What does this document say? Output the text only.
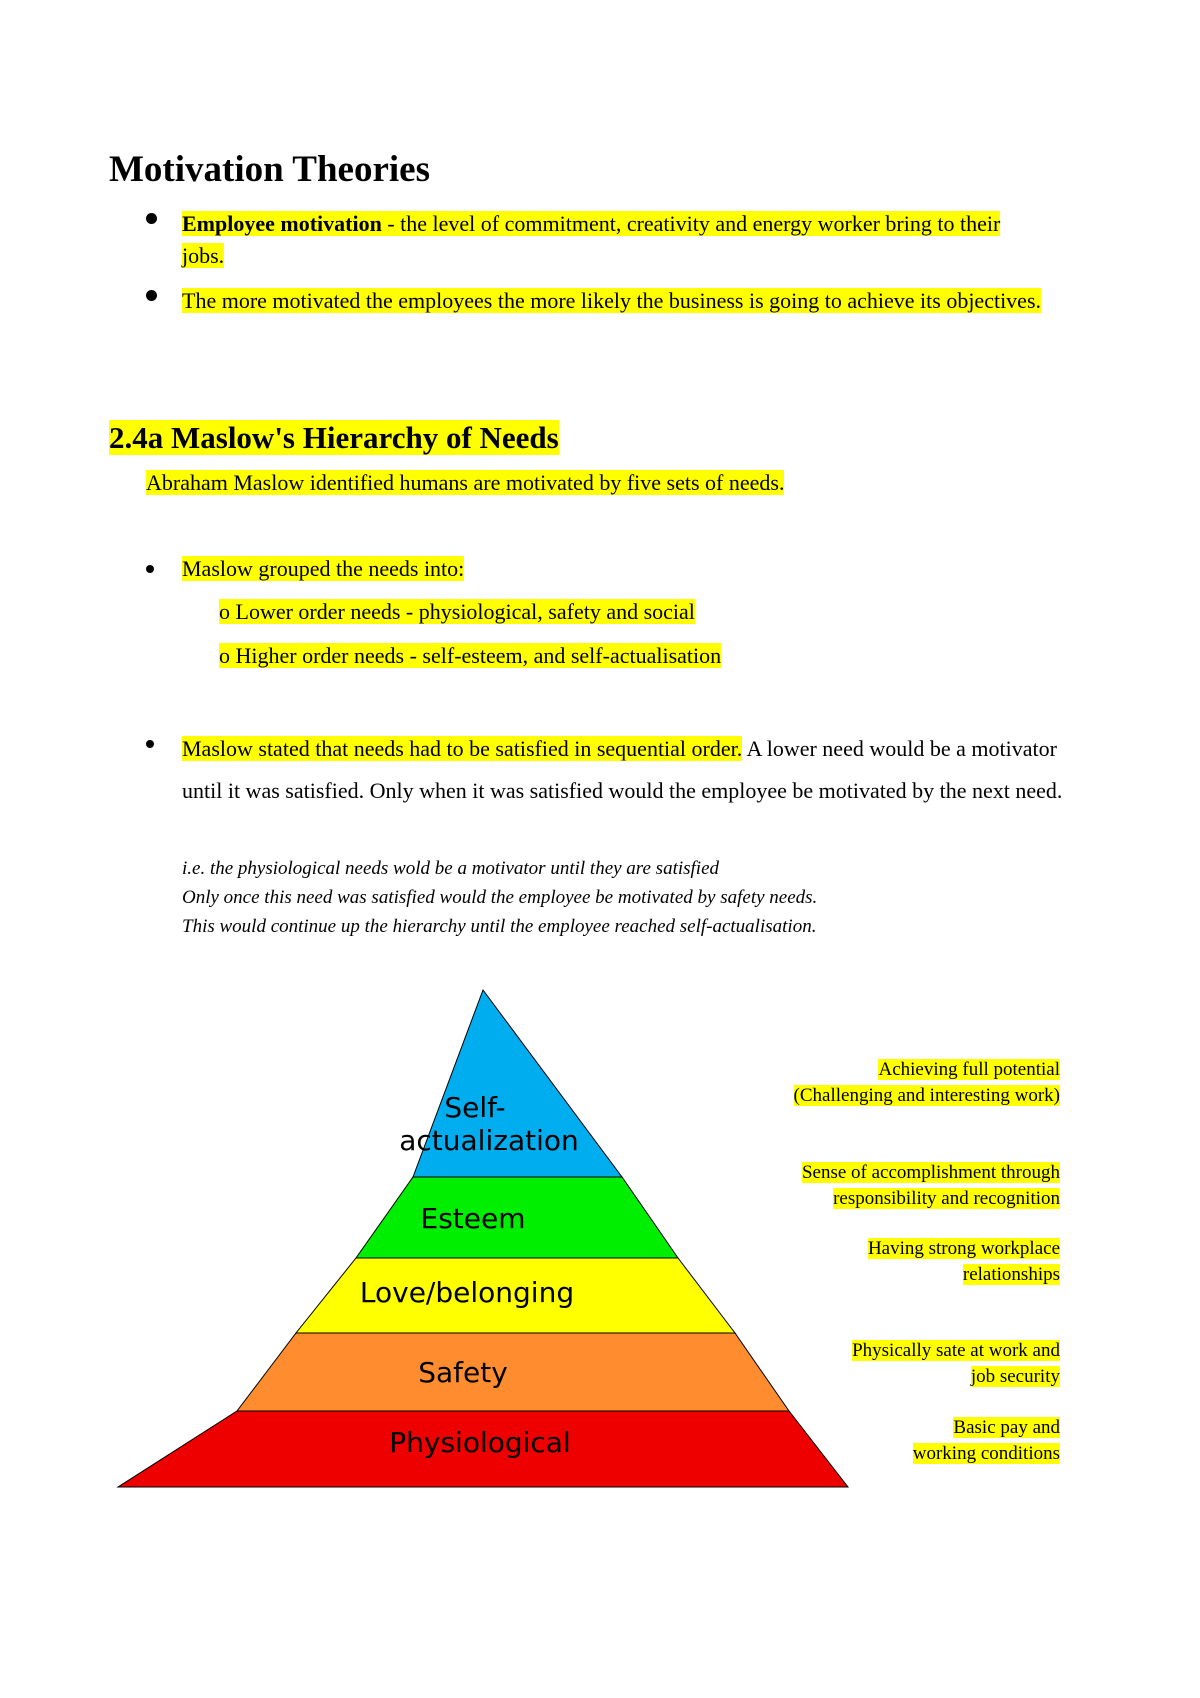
Motivation Theories
Employee motivation - the level of commitment, creativity and energy worker bring to their jobs.
The more motivated the employees the more likely the business is going to achieve its objectives.
2.4a Maslow's Hierarchy of Needs
Abraham Maslow identified humans are motivated by five sets of needs.
Maslow grouped the needs into:
o Lower order needs - physiological, safety and social
o Higher order needs - self-esteem, and self-actualisation
Maslow stated that needs had to be satisfied in sequential order. A lower need would be a motivator until it was satisfied. Only when it was satisfied would the employee be motivated by the next need.
i.e. the physiological needs wold be a motivator until they are satisfied
Only once this need was satisfied would the employee be motivated by safety needs.
This would continue up the hierarchy until the employee reached self-actualisation.
Self-
actualization
Esteem
Love/belonging
Safety
Physiological
Achieving full potential
(Challenging and interesting work)
Sense of accomplishment through
responsibility and recognition
Having strong workplace
relationships
Physically sate at work and
job security
Basic pay and
working conditions
